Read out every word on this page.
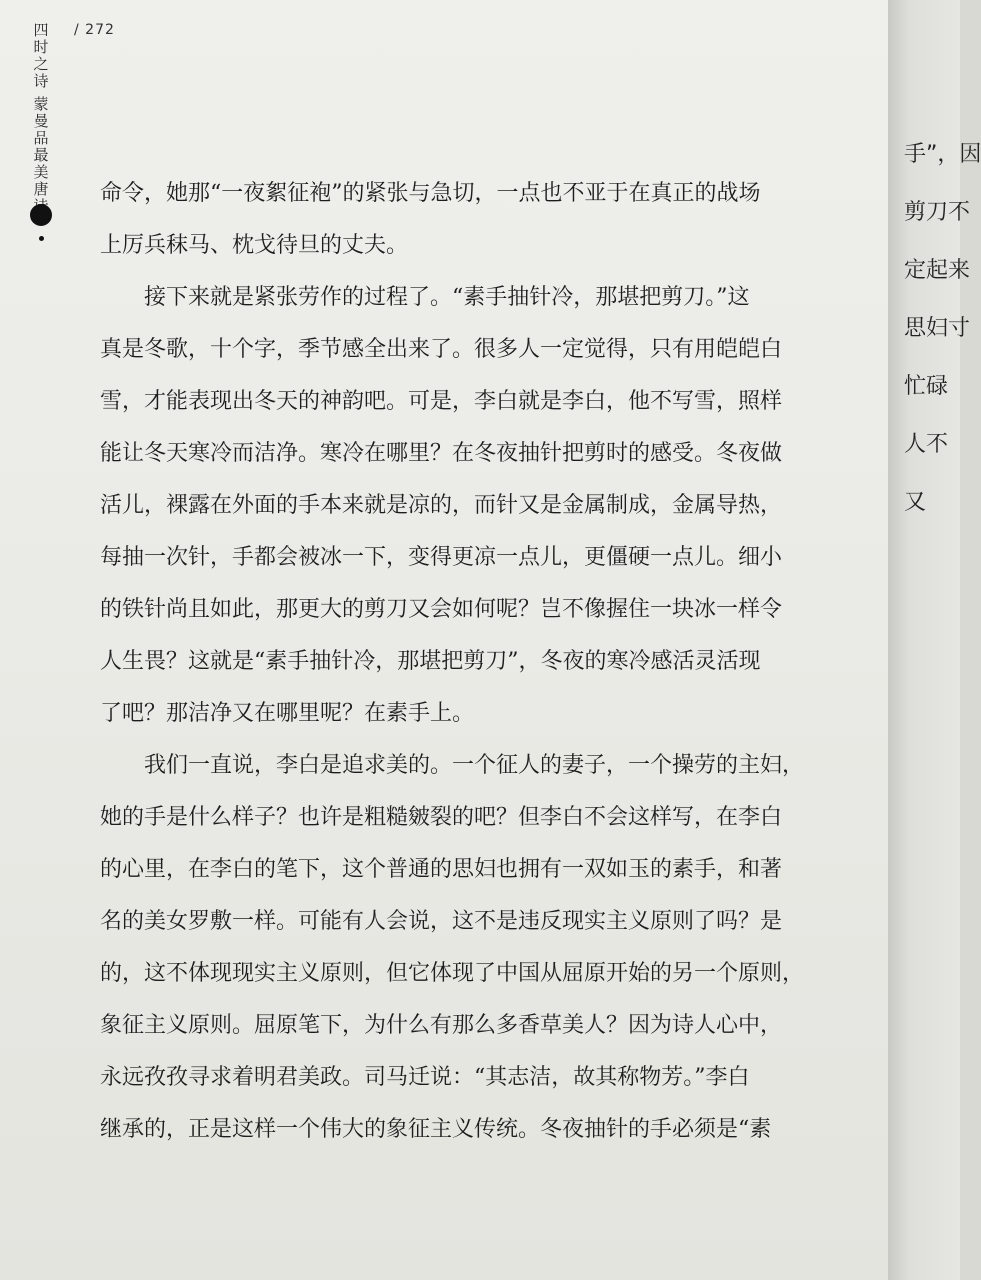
四时之诗
蒙曼品最美唐
/ 272
命令，她那“一夜絮征袍”的紧张与急切，一点也不亚于在真正的战场
上厉兵秣马、枕戈待旦的丈夫。
　　接下来就是紧张劳作的过程了。“素手抽针冷，那堪把剪刀。”这
真是冬歌，十个字，季节感全出来了。很多人一定觉得，只有用皑皑白
雪，才能表现出冬天的神韵吧。可是，李白就是李白，他不写雪，照样
能让冬天寒冷而洁净。寒冷在哪里？在冬夜抽针把剪时的感受。冬夜做
活儿，裸露在外面的手本来就是凉的，而针又是金属制成，金属导热，
每抽一次针，手都会被冰一下，变得更凉一点儿，更僵硬一点儿。细小
的铁针尚且如此，那更大的剪刀又会如何呢？岂不像握住一块冰一样令
人生畏？这就是“素手抽针冷，那堪把剪刀”，冬夜的寒冷感活灵活现
了吧？那洁净又在哪里呢？在素手上。
　　我们一直说，李白是追求美的。一个征人的妻子，一个操劳的主妇，
她的手是什么样子？也许是粗糙皴裂的吧？但李白不会这样写，在李白
的心里，在李白的笔下，这个普通的思妇也拥有一双如玉的素手，和著
名的美女罗敷一样。可能有人会说，这不是违反现实主义原则了吗？是
的，这不体现现实主义原则，但它体现了中国从屈原开始的另一个原则，
象征主义原则。屈原笔下，为什么有那么多香草美人？因为诗人心中，
永远孜孜寻求着明君美政。司马迁说：“其志洁，故其称物芳。”李白
继承的，正是这样一个伟大的象征主义传统。冬夜抽针的手必须是“素
手”，因
剪刀不
定起来
思妇寸
忙碌
人不
又
